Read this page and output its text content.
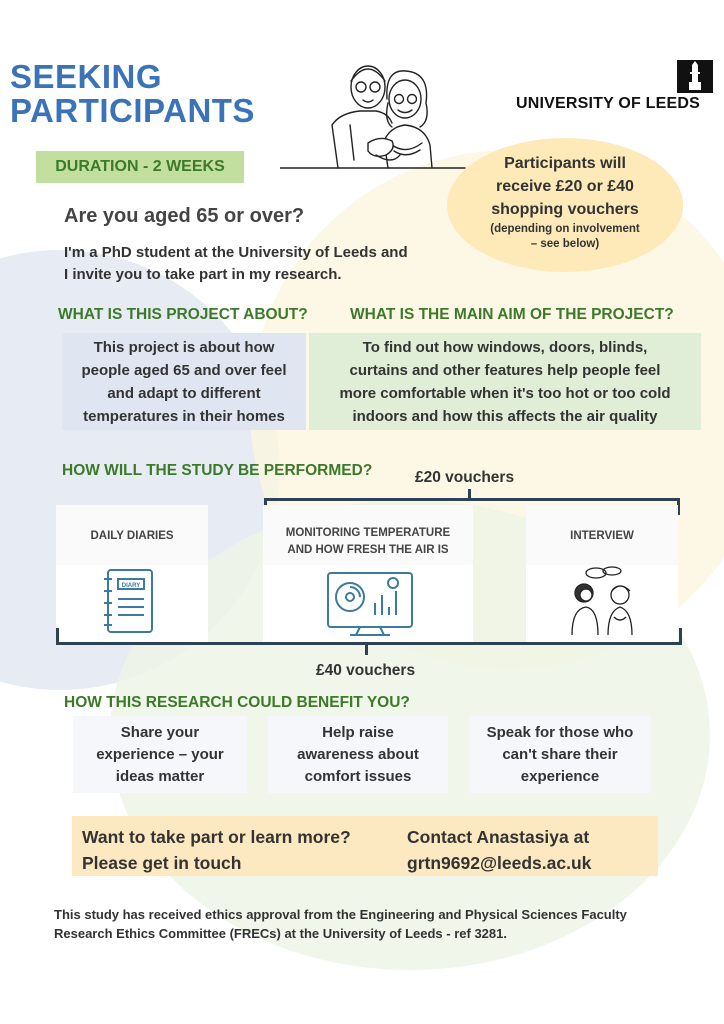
SEEKING
PARTICIPANTS
DURATION - 2 WEEKS
UNIVERSITY OF LEEDS
Participants will
receive £20 or £40
shopping vouchers
(depending on involvement
– see below)
Are you aged 65 or over?
I'm a PhD student at the University of Leeds and
I invite you to take part in my research.
WHAT IS THIS PROJECT ABOUT?	WHAT IS THE MAIN AIM OF THE PROJECT?
This project is about how
people aged 65 and over feel
and adapt to different
temperatures in their homes
To find out how windows, doors, blinds,
curtains and other features help people feel
more comfortable when it's too hot or too cold
indoors and how this affects the air quality
HOW WILL THE STUDY BE PERFORMED?	£20 vouchers
DAILY DIARIES
DIARY
MONITORING TEMPERATURE
AND HOW FRESH THE AIR IS
INTERVIEW
£40 vouchers
HOW THIS RESEARCH COULD BENEFIT YOU?
Share your
experience – your
ideas matter
Help raise
awareness about
comfort issues
Speak for those who
can't share their
experience
Want to take part or learn more?
Please get in touch
Contact Anastasiya at
grtn9692@leeds.ac.uk
This study has received ethics approval from the Engineering and Physical Sciences Faculty
Research Ethics Committee (FRECs) at the University of Leeds - ref 3281.
